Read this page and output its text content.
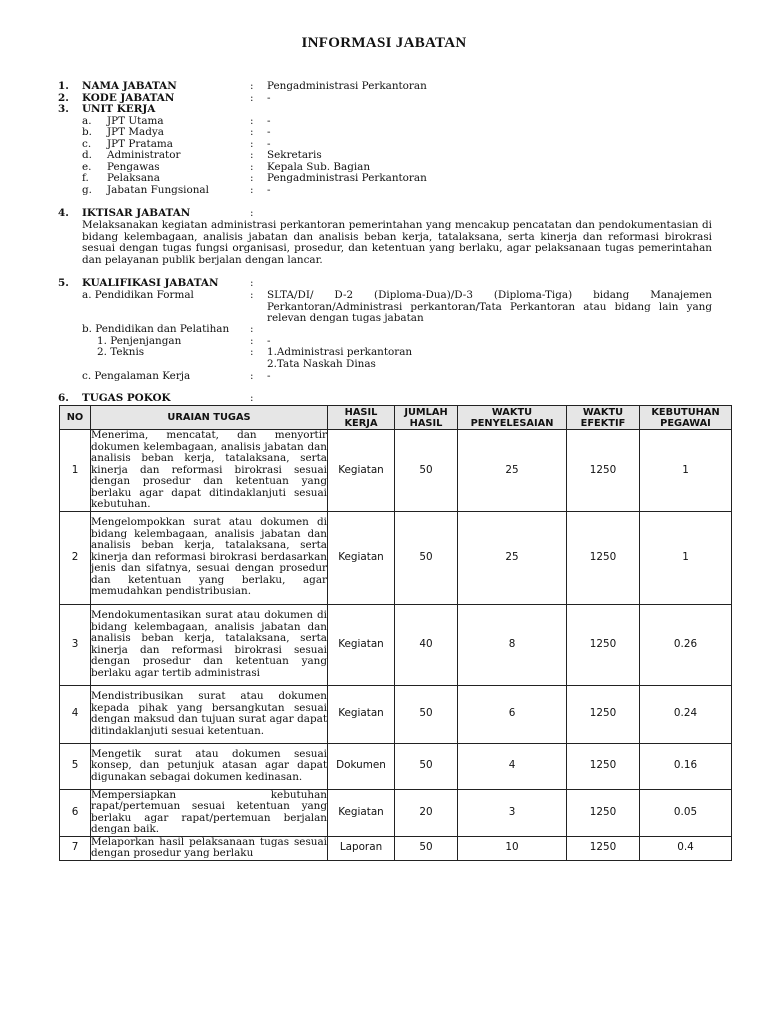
INFORMASI JABATAN
1. NAMA JABATAN	: Pengadministrasi Perkantoran
2. KODE JABATAN	: -
3. UNIT KERJA
a. JPT Utama	: -
b. JPT Madya	: -
c. JPT Pratama	: -
d. Administrator	: Sekretaris
e. Pengawas	: Kepala Sub. Bagian
f. Pelaksana	: Pengadministrasi Perkantoran
g. Jabatan Fungsional	: -
4. IKTISAR JABATAN	:
Melaksanakan kegiatan administrasi perkantoran pemerintahan yang mencakup pencatatan dan pendokumentasian di bidang kelembagaan, analisis jabatan dan analisis beban kerja, tatalaksana, serta kinerja dan reformasi birokrasi sesuai dengan tugas fungsi organisasi, prosedur, dan ketentuan yang berlaku, agar pelaksanaan tugas pemerintahan dan pelayanan publik berjalan dengan lancar.
5. KUALIFIKASI JABATAN	:
a. Pendidikan Formal	: SLTA/DI/ D-2 (Diploma-Dua)/D-3 (Diploma-Tiga) bidang Manajemen Perkantoran/Administrasi perkantoran/Tata Perkantoran atau bidang lain yang relevan dengan tugas jabatan
b. Pendidikan dan Pelatihan :
1. Penjenjangan	: -
2. Teknis	: 1.Administrasi perkantoran
2.Tata Naskah Dinas
c. Pengalaman Kerja	: -
6. TUGAS POKOK	:
NO	URAIAN TUGAS	HASIL KERJA	JUMLAH HASIL	WAKTU PENYELESAIAN	WAKTU EFEKTIF	KEBUTUHAN PEGAWAI
1	Menerima, mencatat, dan menyortir dokumen kelembagaan, analisis jabatan dan analisis beban kerja, tatalaksana, serta kinerja dan reformasi birokrasi sesuai dengan prosedur dan ketentuan yang berlaku agar dapat ditindaklanjuti sesuai kebutuhan.	Kegiatan	50	25	1250	1
2	Mengelompokkan surat atau dokumen di bidang kelembagaan, analisis jabatan dan analisis beban kerja, tatalaksana, serta kinerja dan reformasi birokrasi berdasarkan jenis dan sifatnya, sesuai dengan prosedur dan ketentuan yang berlaku, agar memudahkan pendistribusian.	Kegiatan	50	25	1250	1
3	Mendokumentasikan surat atau dokumen di bidang kelembagaan, analisis jabatan dan analisis beban kerja, tatalaksana, serta kinerja dan reformasi birokrasi sesuai dengan prosedur dan ketentuan yang berlaku agar tertib administrasi	Kegiatan	40	8	1250	0.26
4	Mendistribusikan surat atau dokumen kepada pihak yang bersangkutan sesuai dengan maksud dan tujuan surat agar dapat ditindaklanjuti sesuai ketentuan.	Kegiatan	50	6	1250	0.24
5	Mengetik surat atau dokumen sesuai konsep, dan petunjuk atasan agar dapat digunakan sebagai dokumen kedinasan.	Dokumen	50	4	1250	0.16
6	Mempersiapkan kebutuhan rapat/pertemuan sesuai ketentuan yang berlaku agar rapat/pertemuan berjalan dengan baik.	Kegiatan	20	3	1250	0.05
7	Melaporkan hasil pelaksanaan tugas sesuai dengan prosedur yang berlaku	Laporan	50	10	1250	0.4
